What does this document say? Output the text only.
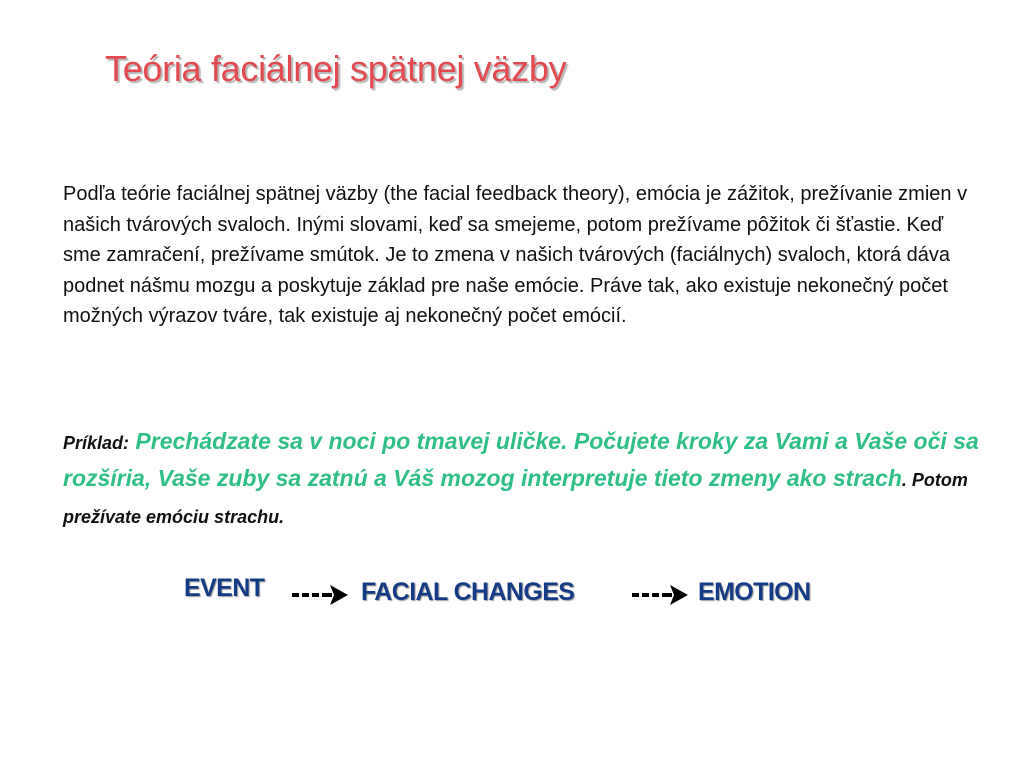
Teória faciálnej spätnej väzby

Podľa teórie faciálnej spätnej väzby (the facial feedback theory), emócia je zážitok, prežívanie zmien v našich tvárových svaloch. Inými slovami, keď sa smejeme, potom prežívame pôžitok či šťastie. Keď sme zamračení, prežívame smútok. Je to zmena v našich tvárových (faciálnych) svaloch, ktorá dáva podnet nášmu mozgu a poskytuje základ pre naše emócie. Práve tak, ako existuje nekonečný počet možných výrazov tváre, tak existuje aj nekonečný počet emócií.

Príklad: Prechádzate sa v noci po tmavej uličke. Počujete kroky za Vami a Vaše oči sa rozšíria, Vaše zuby sa zatnú a Váš mozog interpretuje tieto zmeny ako strach. Potom prežívate emóciu strachu.

EVENT	FACIAL CHANGES	EMOTION
